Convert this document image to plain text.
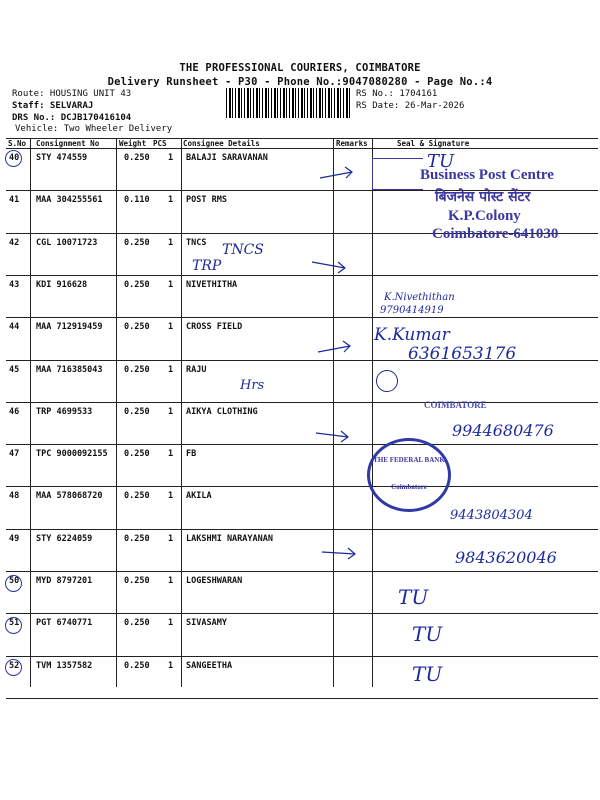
THE PROFESSIONAL COURIERS, COIMBATORE
Delivery Runsheet - P30 - Phone No.:9047080280 - Page No.:4
Route: HOUSING UNIT 43
Staff: SELVARAJ
DRS No.: DCJB170416104
Vehicle: Two Wheeler Delivery
RS No.: 1704161
RS Date: 26-Mar-2026
S.No Consignment No	Weight PCS Consignee Details	Remarks	Seal & Signature
40 STY 474559	0.250 1 BALAJI SARAVANAN
41 MAA 304255561	0.110 1 POST RMS
42 CGL 10071723	0.250 1 TNCS
43 KDI 916628	0.250 1 NIVETHITHA
44 MAA 712919459	0.250 1 CROSS FIELD
45 MAA 716385043	0.250 1 RAJU
46 TRP 4699533	0.250 1 AIKYA CLOTHING
47 TPC 9000092155 0.250 1 FB
48 MAA 578068720	0.250 1 AKILA
49 STY 6224059	0.250 1 LAKSHMI NARAYANAN
50 MYD 8797201	0.250 1 LOGESHWARAN
51 PGT 6740771	0.250 1 SIVASAMY
52 TVM 1357582	0.250 1 SANGEETHA
Business Post Centre
बिजनेस पोस्ट सेंटर
K.P.Colony
Coimbatore-641030
TU
TNCS
TRP
K.Nivethithan
9790414919
K.Kumar
6361653176
Hrs
COIMBATORE
9944680476
THE FEDERAL BANK
Coimbatore
9443804304
9843620046
TU
TU
TU
